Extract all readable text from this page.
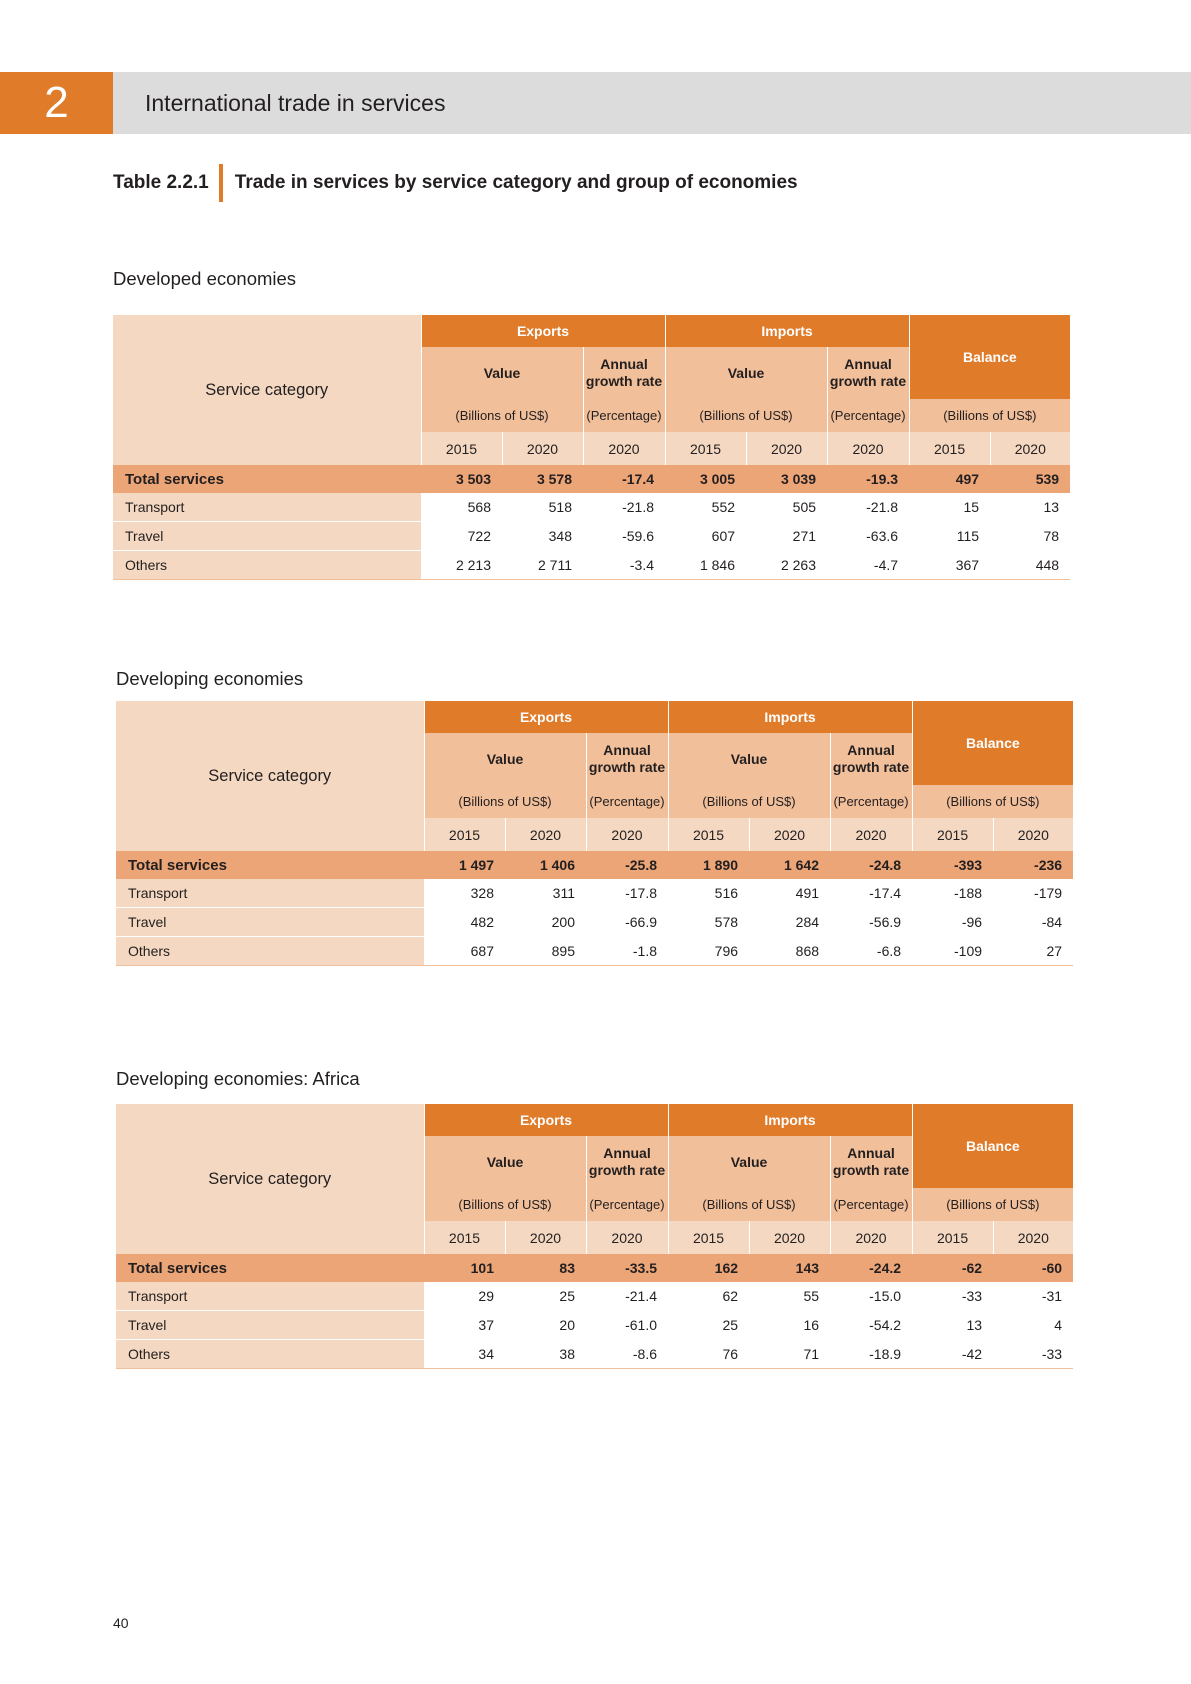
2	International trade in services
Table 2.2.1 Trade in services by service category and group of economies
Developed economies
Developing economies
Developing economies: Africa
Service category	Exports			Imports			Balance	
	Value		Annual growth rate	Value		Annual growth rate		
	(Billions of US$)		(Percentage)	(Billions of US$)		(Percentage)	(Billions of US$)	
	2015	2020	2020	2015	2020	2020	2015	2020
Total services	3 503	3 578	-17.4	3 005	3 039	-19.3	497	539
Transport	568	518	-21.8	552	505	-21.8	15	13
Travel	722	348	-59.6	607	271	-63.6	115	78
Others	2 213	2 711	-3.4	1 846	2 263	-4.7	367	448
Service category	Exports			Imports			Balance	
	Value		Annual growth rate	Value		Annual growth rate		
	(Billions of US$)		(Percentage)	(Billions of US$)		(Percentage)	(Billions of US$)	
	2015	2020	2020	2015	2020	2020	2015	2020
Total services	1 497	1 406	-25.8	1 890	1 642	-24.8	-393	-236
Transport	328	311	-17.8	516	491	-17.4	-188	-179
Travel	482	200	-66.9	578	284	-56.9	-96	-84
Others	687	895	-1.8	796	868	-6.8	-109	27
Service category	Exports			Imports			Balance	
	Value		Annual growth rate	Value		Annual growth rate		
	(Billions of US$)		(Percentage)	(Billions of US$)		(Percentage)	(Billions of US$)	
	2015	2020	2020	2015	2020	2020	2015	2020
Total services	101	83	-33.5	162	143	-24.2	-62	-60
Transport	29	25	-21.4	62	55	-15.0	-33	-31
Travel	37	20	-61.0	25	16	-54.2	13	4
Others	34	38	-8.6	76	71	-18.9	-42	-33
40
